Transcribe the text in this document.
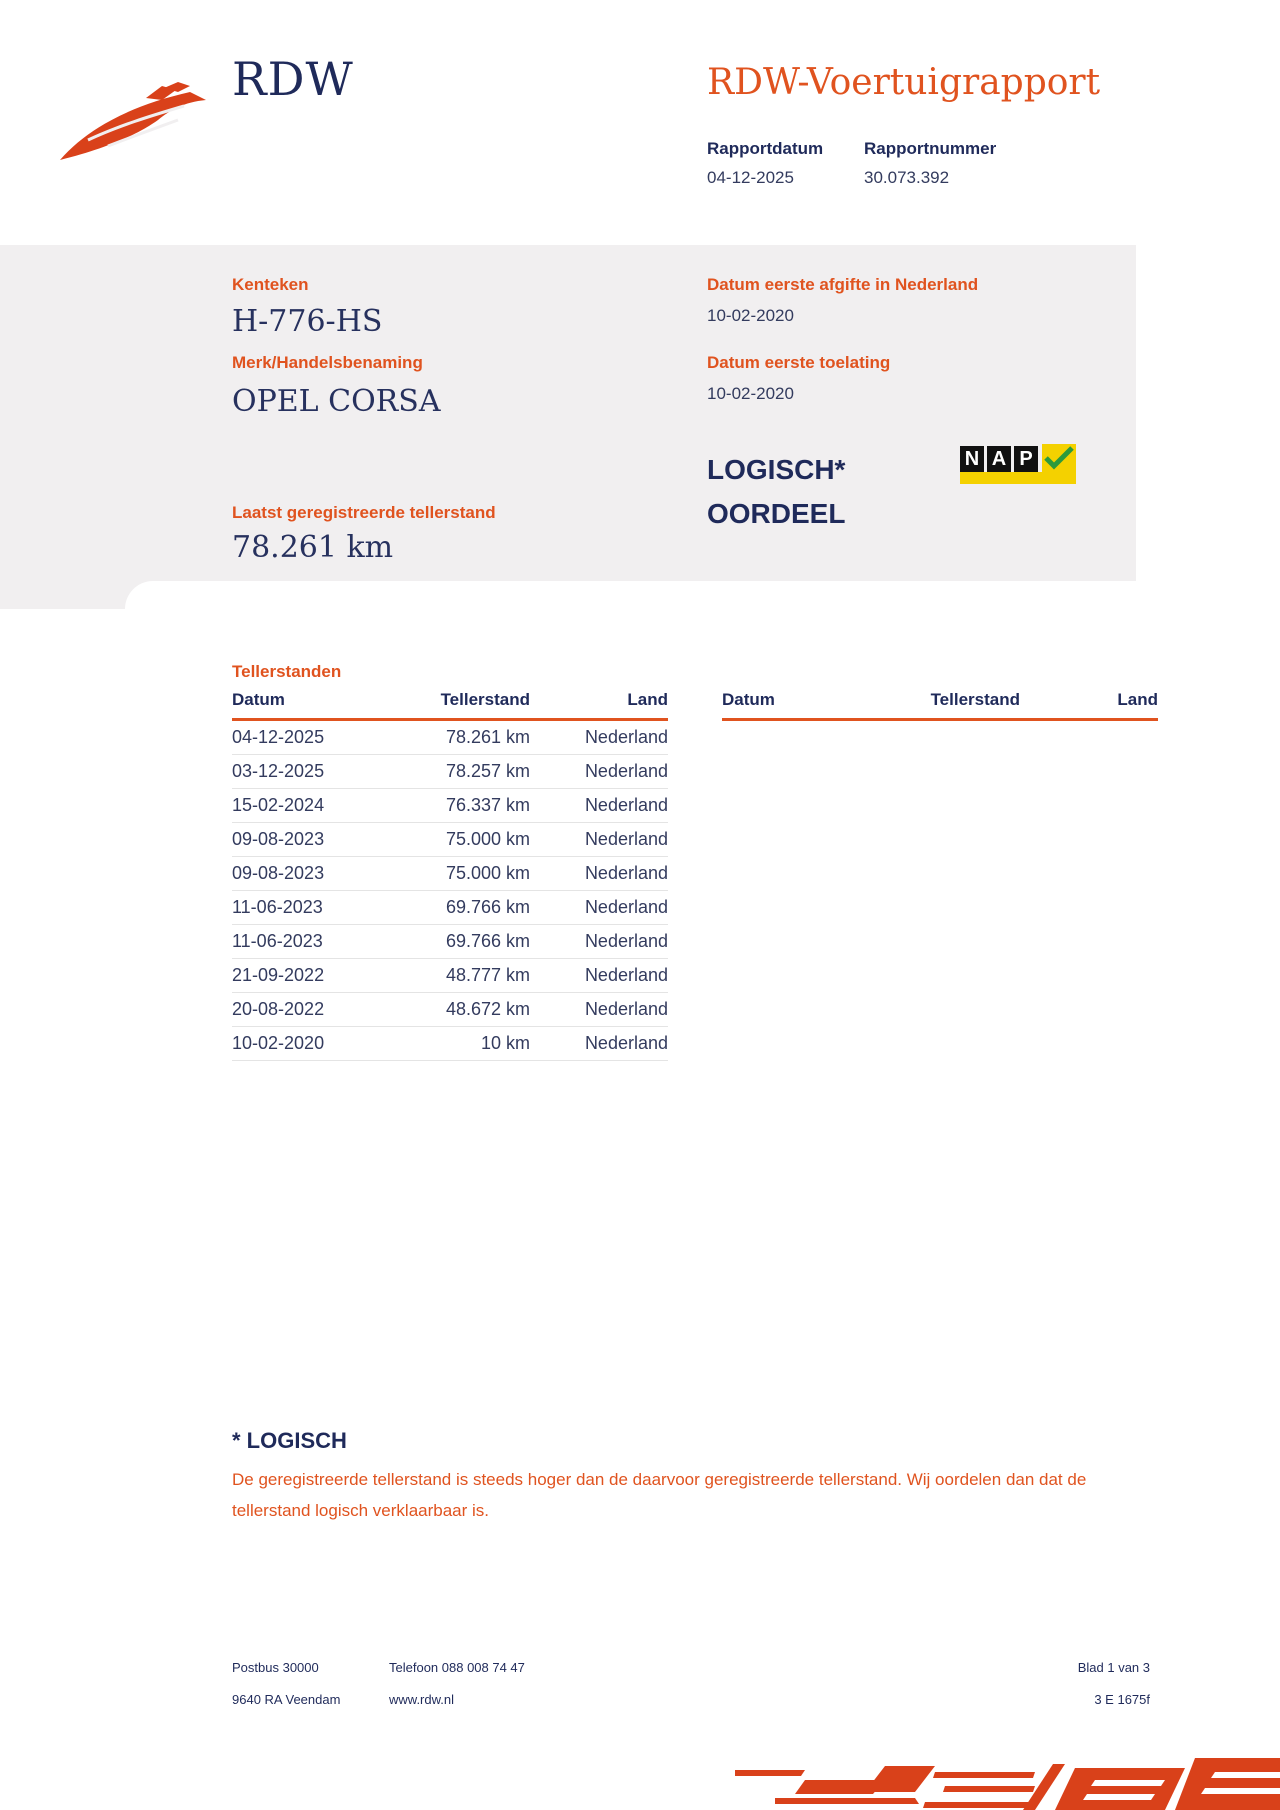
RDW	RDW-Voertuigrapport
Rapportdatum
04-12-2025
Rapportnummer
30.073.392
Kenteken
H-776-HS
Merk/Handelsbenaming
OPEL CORSA
Datum eerste afgifte in Nederland
10-02-2020
Datum eerste toelating
10-02-2020
LOGISCH*
OORDEEL
N A P
Laatst geregistreerde tellerstand
78.261 km
Tellerstanden
Datum	Tellerstand	Land
04-12-2025	78.261 km	Nederland
03-12-2025	78.257 km	Nederland
15-02-2024	76.337 km	Nederland
09-08-2023	75.000 km	Nederland
09-08-2023	75.000 km	Nederland
11-06-2023	69.766 km	Nederland
11-06-2023	69.766 km	Nederland
21-09-2022	48.777 km	Nederland
20-08-2022	48.672 km	Nederland
10-02-2020	10 km	Nederland
Datum	Tellerstand	Land
* LOGISCH
De geregistreerde tellerstand is steeds hoger dan de daarvoor geregistreerde tellerstand. Wij oordelen dan dat de tellerstand logisch verklaarbaar is.
Postbus 30000
9640 RA Veendam
Telefoon 088 008 74 47
www.rdw.nl
Blad 1 van 3
3 E 1675f
